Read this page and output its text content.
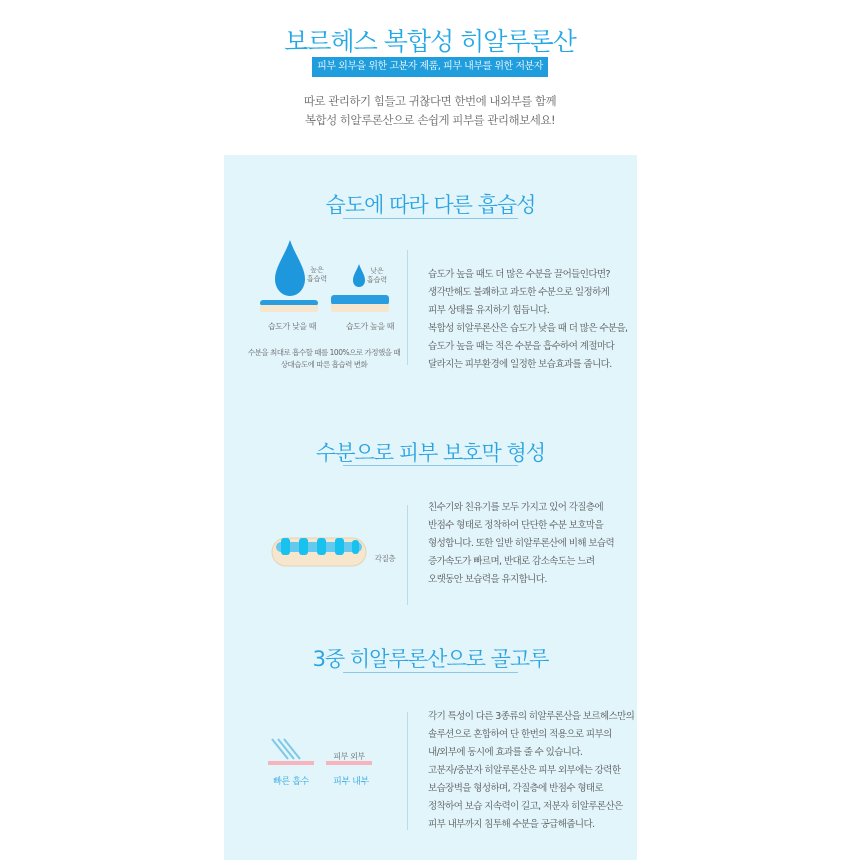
보르헤스 복합성 히알루론산
피부 외부을 위한 고분자 제품, 피부 내부를 위한 저분자 제품
따로 관리하기 힘들고 귀찮다면 한번에 내외부를 함께
복합성 히알루론산으로 손쉽게 피부를 관리해보세요!
습도에 따라 다른 흡습성
높은
흡습력
낮은
흡습력
습도가 낮을 때	습도가 높을 때
수분을 최대로 흡수할 때를 100%으로 가정했을 때
상대습도에 따른 흡습력 변화
습도가 높을 때도 더 많은 수분을 끌어들인다면?
생각만해도 불쾌하고 과도한 수분으로 일정하게
피부 상태를 유지하기 힘듭니다.
복합성 히알루론산은 습도가 낮을 때 더 많은 수분을,
습도가 높을 때는 적은 수분을 흡수하여 계절마다
달라지는 피부환경에 일정한 보습효과를 줍니다.
수분으로 피부 보호막 형성
각질층
친수기와 친유기를 모두 가지고 있어 각질층에
반점수 형태로 정착하여 단단한 수분 보호막을
형성합니다. 또한 일반 히알루론산에 비해 보습력
증가속도가 빠르며, 반대로 감소속도는 느려
오랫동안 보습력을 유지합니다.
3중 히알루론산으로 골고루
빠른 흡수
피부 외부
피부 내부
각기 특성이 다른 3종류의 히알루론산을 보르헤스만의
솔루션으로 혼합하여 단 한번의 적용으로 피부의
내/외부에 동시에 효과를 줄 수 있습니다.
고분자/중분자 히알루론산은 피부 외부에는 강력한
보습장벽을 형성하며, 각질층에 반점수 형태로
정착하여 보습 지속력이 길고, 저분자 히알루론산은
피부 내부까지 침투해 수분을 공급해줍니다.
